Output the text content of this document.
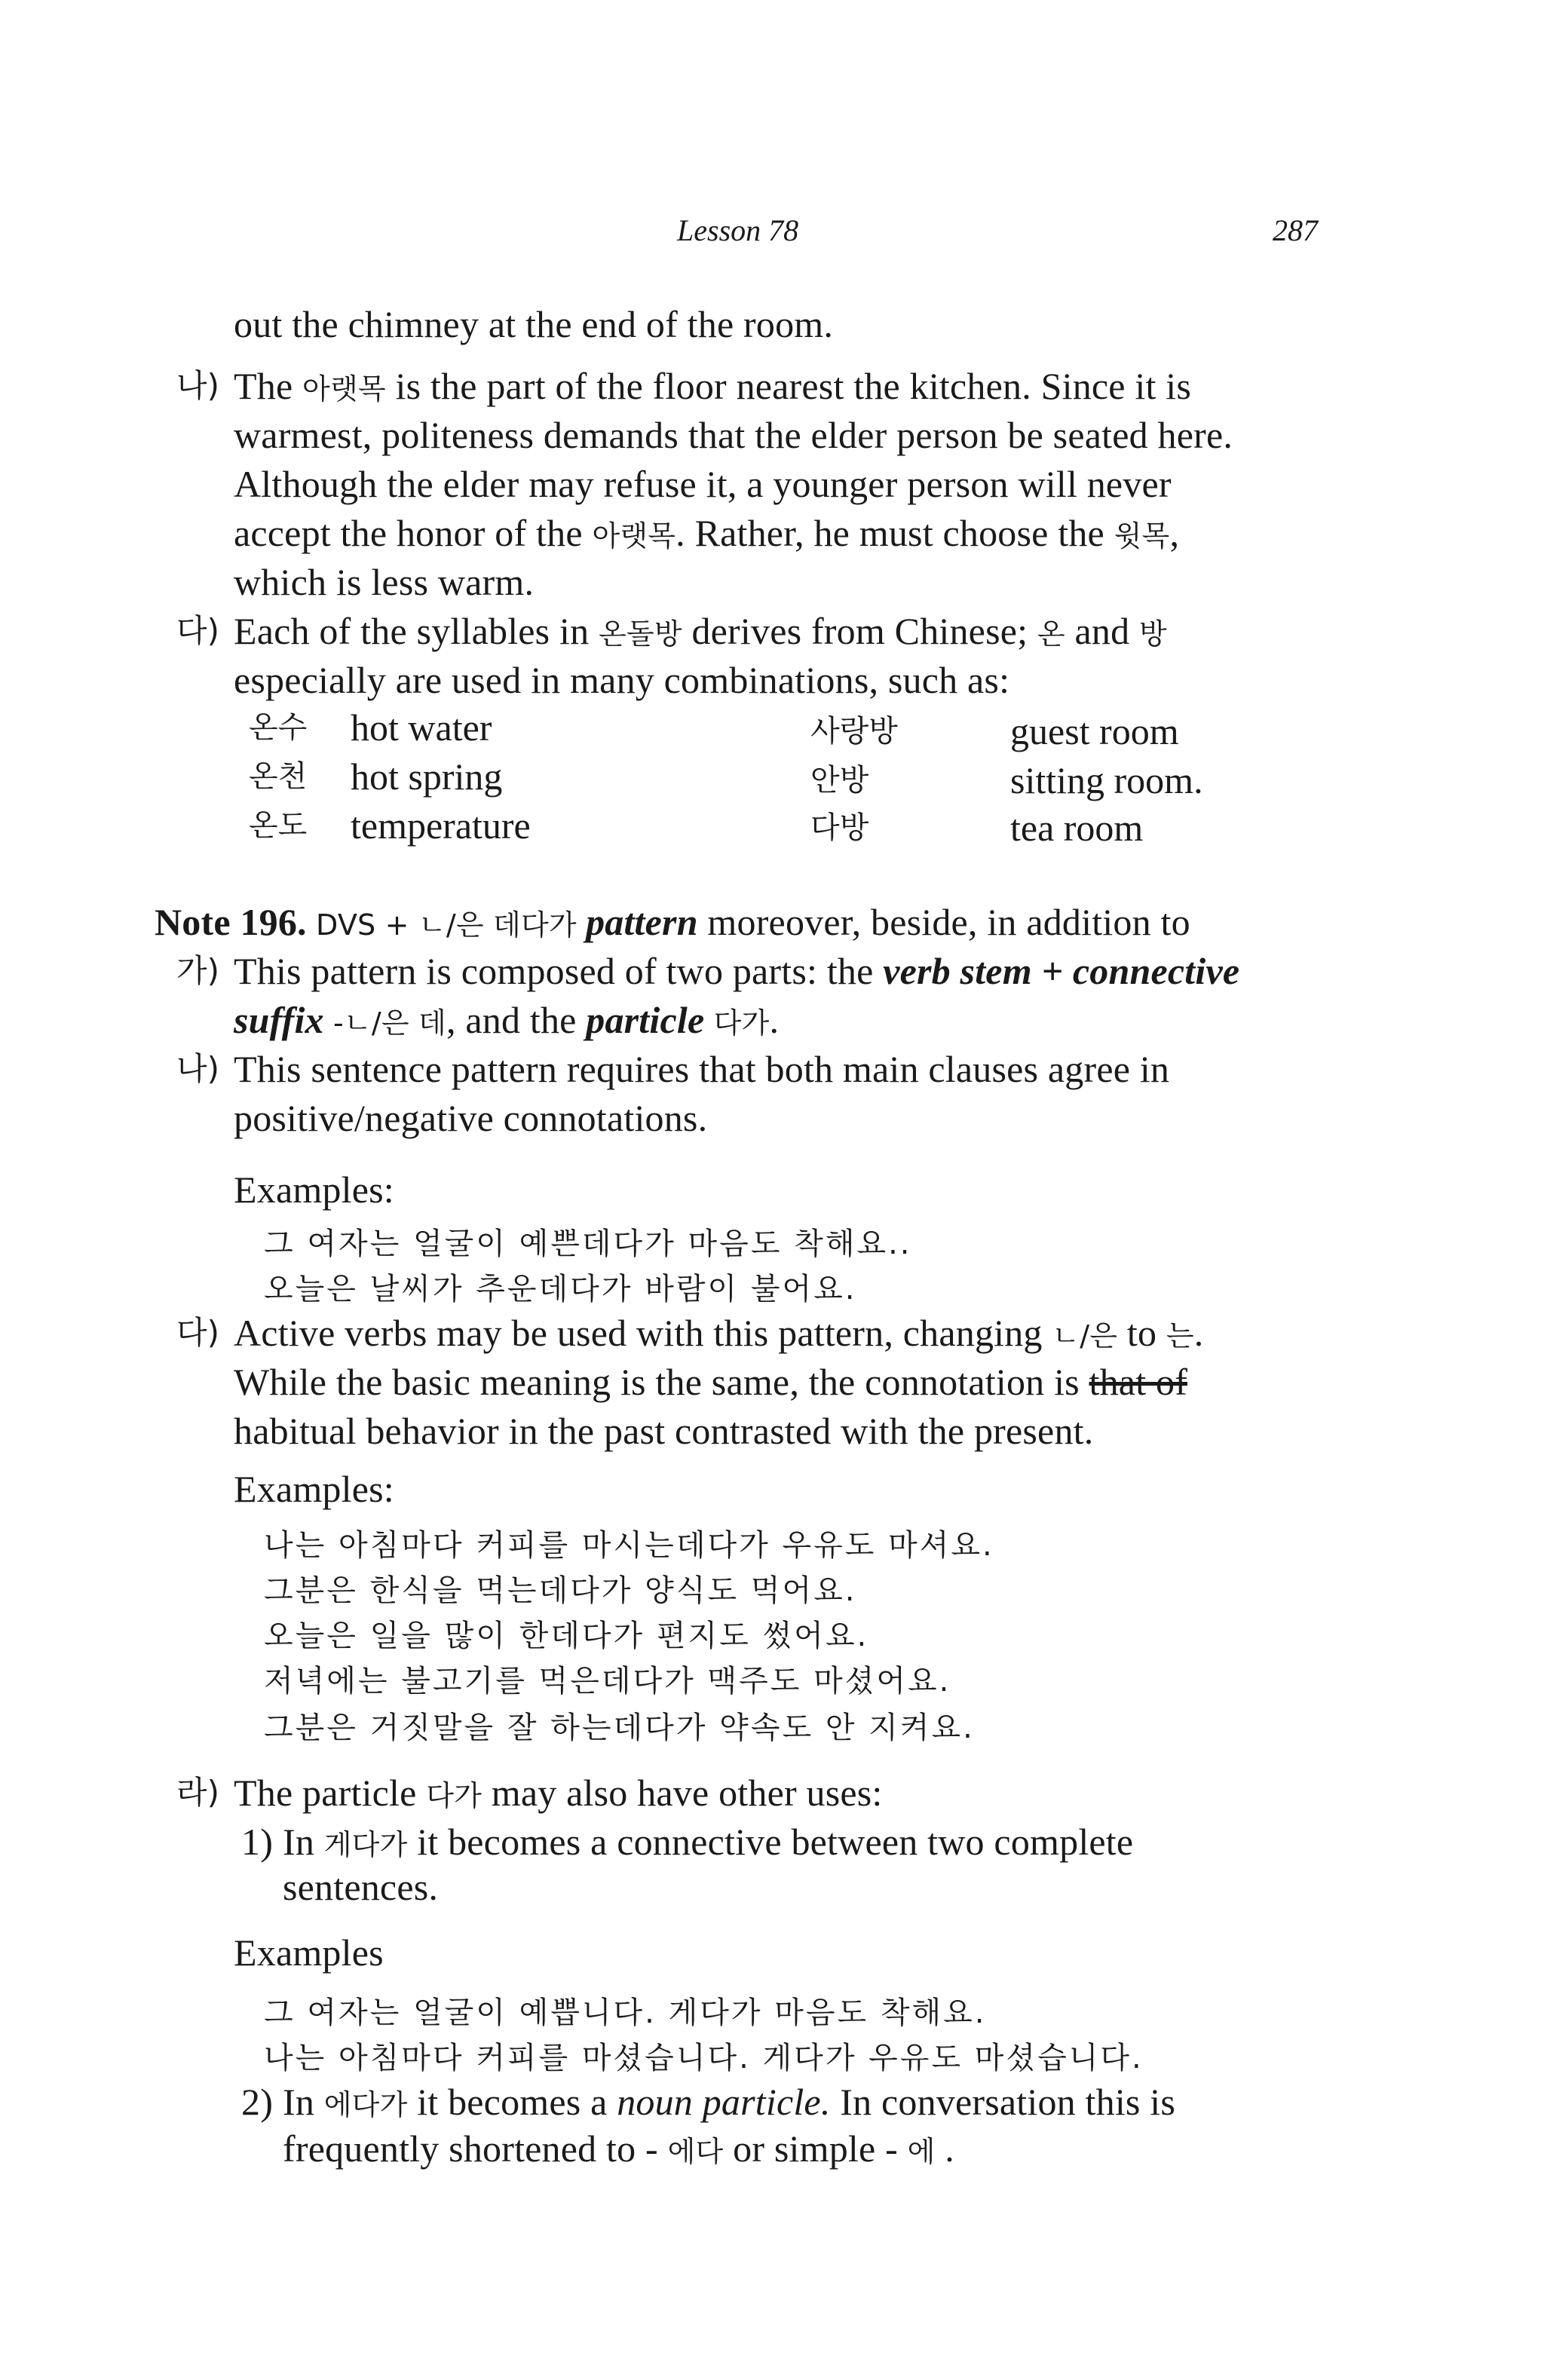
Lesson 78	287
out the chimney at the end of the room.
나) The 아랫목 is the part of the floor nearest the kitchen. Since it is
warmest, politeness demands that the elder person be seated here.
Although the elder may refuse it, a younger person will never
accept the honor of the 아랫목. Rather, he must choose the 윗목,
which is less warm.
다) Each of the syllables in 온돌방 derives from Chinese; 온 and 방
especially are used in many combinations, such as:
온수 hot water	사랑방	guest room
온천 hot spring	안방	sitting room.
온도 temperature	다방	tea room
Note 196. DVS + ㄴ/은 데다가 pattern moreover, beside, in addition to
가) This pattern is composed of two parts: the verb stem + connective
suffix -ㄴ/은 데, and the particle 다가.
나) This sentence pattern requires that both main clauses agree in
positive/negative connotations.
Examples:
그 여자는 얼굴이 예쁜데다가 마음도 착해요..
오늘은 날씨가 추운데다가 바람이 불어요.
다) Active verbs may be used with this pattern, changing ㄴ/은 to 는.
While the basic meaning is the same, the connotation is that of
habitual behavior in the past contrasted with the present.
Examples:
나는 아침마다 커피를 마시는데다가 우유도 마셔요.
그분은 한식을 먹는데다가 양식도 먹어요.
오늘은 일을 많이 한데다가 편지도 썼어요.
저녁에는 불고기를 먹은데다가 맥주도 마셨어요.
그분은 거짓말을 잘 하는데다가 약속도 안 지켜요.
라) The particle 다가 may also have other uses:
1) In 게다가 it becomes a connective between two complete
sentences.
Examples
그 여자는 얼굴이 예쁩니다. 게다가 마음도 착해요.
나는 아침마다 커피를 마셨습니다. 게다가 우유도 마셨습니다.
2) In 에다가 it becomes a noun particle. In conversation this is
frequently shortened to - 에다 or simple - 에 .
